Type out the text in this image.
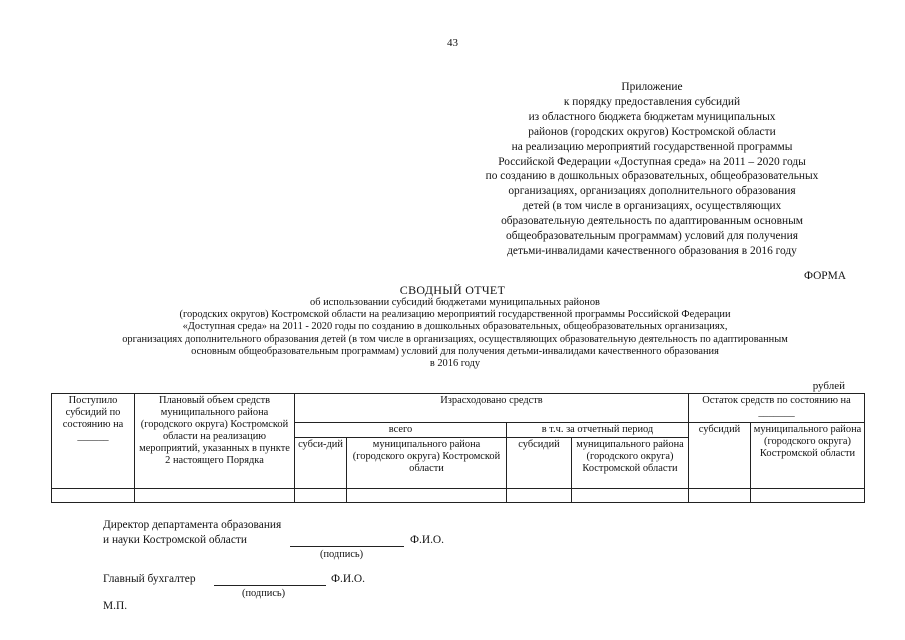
43
Приложение
к порядку предоставления субсидий
из областного бюджета бюджетам муниципальных
районов (городских округов) Костромской области
на реализацию мероприятий государственной программы
Российской Федерации «Доступная среда» на 2011 – 2020 годы
по созданию в дошкольных образовательных, общеобразовательных
организациях, организациях дополнительного образования
детей (в том числе в организациях, осуществляющих
образовательную деятельность по адаптированным основным
общеобразовательным программам) условий для получения
детьми-инвалидами качественного образования в 2016 году
ФОРМА
СВОДНЫЙ ОТЧЕТ
об использовании субсидий бюджетами муниципальных районов
(городских округов) Костромской области на реализацию мероприятий государственной программы Российской Федерации
«Доступная среда» на 2011 - 2020 годы по созданию в дошкольных образовательных, общеобразовательных организациях,
организациях дополнительного образования детей (в том числе в организациях, осуществляющих образовательную деятельность по адаптированным
основным общеобразовательным программам) условий для получения детьми-инвалидами качественного образования
в 2016 году
рублей
Поступило субсидий по состоянию на ______	Плановый объем средств муниципального района (городского округа) Костромской области на реализацию мероприятий, указанных в пункте 2 настоящего Порядка	Израсходовано средств				Остаток средств по состоянию на _______	
		всего		в т.ч. за отчетный период		субсидий	муниципального района (городского округа) Костромской области
		субси-дий	муниципального района (городского округа) Костромской области	субсидий	муниципального района (городского округа) Костромской области		

Директор департамента образования
и науки Костромской области	Ф.И.О.
(подпись)
Главный бухгалтер	Ф.И.О.
(подпись)
М.П.
